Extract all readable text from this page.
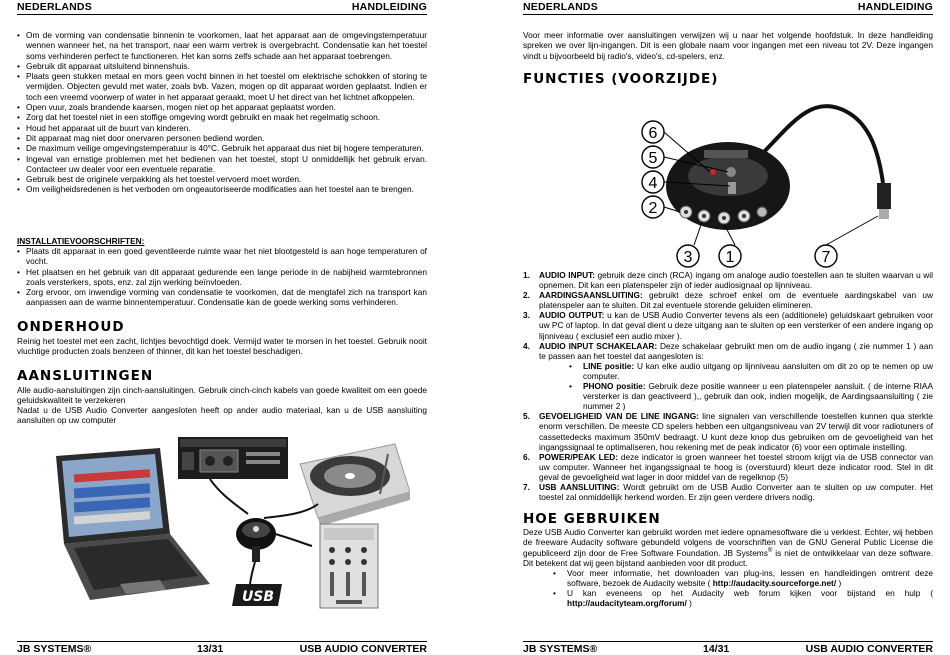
NEDERLANDS	HANDLEIDING
• Om de vorming van condensatie binnenin te voorkomen, laat het apparaat aan de omgevingstemperatuur wennen wanneer het, na het transport, naar een warm vertrek is overgebracht. Condensatie kan het toestel soms verhinderen perfect te functioneren. Het kan soms zelfs schade aan het apparaat toebrengen.
• Gebruik dit apparaat uitsluitend binnenshuis.
• Plaats geen stukken metaal en mors geen vocht binnen in het toestel om elektrische schokken of storing te vermijden. Objecten gevuld met water, zoals bvb. Vazen, mogen op dit apparaat worden geplaatst. Indien er toch een vreemd voorwerp of water in het apparaat geraakt, moet U het direct van het lichtnet afkoppelen.
• Open vuur, zoals brandende kaarsen, mogen niet op het apparaat geplaatst worden.
• Zorg dat het toestel niet in een stoffige omgeving wordt gebruikt en maak het regelmatig schoon.
• Houd het apparaat uit de buurt van kinderen.
• Dit apparaat mag niet door onervaren personen bediend worden.
• De maximum veilige omgevingstemperatuur is 40°C. Gebruik het apparaat dus niet bij hogere temperaturen.
• Ingeval van ernstige problemen met het bedienen van het toestel, stopt U onmiddellijk het gebruik ervan. Contacteer uw dealer voor een eventuele reparatie.
• Gebruik best de originele verpakking als het toestel vervoerd moet worden.
• Om veiligheidsredenen is het verboden om ongeautoriseerde modificaties aan het toestel aan te brengen.
INSTALLATIEVOORSCHRIFTEN:
• Plaats dit apparaat in een goed geventileerde ruimte waar het niet blootgesteld is aan hoge temperaturen of vocht.
• Het plaatsen en het gebruik van dit apparaat gedurende een lange periode in de nabijheid warmtebronnen zoals versterkers, spots, enz. zal zijn werking beïnvloeden.
• Zorg ervoor, om inwendige vorming van condensatie te voorkomen, dat de mengtafel zich na transport kan aanpassen aan de warme binnentemperatuur. Condensatie kan de goede werking soms verhinderen.
ONDERHOUD
Reinig het toestel met een zacht, lichtjes bevochtigd doek. Vermijd water te morsen in het toestel. Gebruik nooit vluchtige producten zoals benzeen of thinner, dit kan het toestel beschadigen.
AANSLUITINGEN
Alle audio-aansluitingen zijn cinch-aansluitingen. Gebruik cinch-cinch kabels van goede kwaliteit om een goede geluidskwaliteit te verzekeren
Nadat u de USB Audio Converter aangesloten heeft op ander audio materiaal, kan u de USB aansluiting aansluiten op uw computer
USB
JB SYSTEMS®	13/31	USB AUDIO CONVERTER
NEDERLANDS	HANDLEIDING
Voor meer informatie over aansluitingen verwijzen wij u naar het volgende hoofdstuk. In deze handleiding spreken we over lijn-ingangen. Dit is een globale naam voor ingangen met een niveau tot 2V. Deze ingangen vindt u bijvoorbeeld bij radio's, video's, cd-spelers, enz.
FUNCTIES (VOORZIJDE)
6
5
4
2
3 1	7
1. AUDIO INPUT: gebruik deze cinch (RCA) ingang om analoge audio toestellen aan te sluiten waarvan u wil opnemen. Dit kan een platenspeler zijn of ieder audiosignaal op lijnniveau.
2. AARDINGSAANSLUITING: gebruikt deze schroef enkel om de eventuele aardingskabel van uw platenspeler aan te sluiten. Dit zal eventuele storende geluiden elimineren.
3. AUDIO OUTPUT: u kan de USB Audio Converter tevens als een (additionele) geluidskaart gebruiken voor uw PC of laptop. In dat geval dient u deze uitgang aan te sluiten op een versterker of een andere ingang op lijnniveau ( exclusief een audio mixer ).
4. AUDIO INPUT SCHAKELAAR: Deze schakelaar gebruikt men om de audio ingang ( zie nummer 1 ) aan te passen aan het toestel dat aangesloten is:
• LINE positie: U kan elke audio uitgang op lijnniveau aansluiten om dit zo op te nemen op uw computer.
• PHONO positie: Gebruik deze positie wanneer u een platenspeler aansluit. ( de interne RIAA versterker is dan geactiveerd ),, gebruik dan ook, indien mogelijk, de Aardingsaansluiting ( zie nummer 2 )
5. GEVOELIGHEID VAN DE LINE INGANG: line signalen van verschillende toestellen kunnen qua sterkte enorm verschillen. De meeste CD spelers hebben een uitgangsniveau van 2V terwijl dit voor radiotuners of cassettedecks maximum 350mV bedraagt. U kunt deze knop dus gebruiken om de gevoeligheid van het ingangssignaal te optimaliseren, hou rekening met de peak indicator (6) voor een optimale instelling.
6. POWER/PEAK LED: deze indicator is groen wanneer het toestel stroom krijgt via de USB connector van uw computer. Wanneer het ingangssignaal te hoog is (overstuurd) kleurt deze indicator rood. Stel in dit geval de gevoeligheid wat lager in door middel van de regelknop (5)
7. USB AANSLUITING: Wordt gebruikt om de USB Audio Converter aan te sluiten op uw computer. Het toestel zal onmiddellijk herkend worden. Er zijn geen verdere drivers nodig.
HOE GEBRUIKEN
Deze USB Audio Converter kan gebruikt worden met iedere opnamesoftware die u verkiest. Echter, wij hebben de freeware Audacity software gebundeld volgens de voorschriften van de GNU General Public License die gepubliceerd zijn door de Free Software Foundation. JB Systems® is niet de ontwikkelaar van deze software. Dit betekent dat wij geen bijstand aanbieden voor dit product.
• Voor meer informatie, het downloaden van plug-ins, lessen en handleidingen omtrent deze software, bezoek de Audacity website ( http://audacity.sourceforge.net/ )
• U kan eveneens op het Audacity web forum kijken voor bijstand en hulp ( http://audacityteam.org/forum/ )
JB SYSTEMS®	14/31	USB AUDIO CONVERTER
